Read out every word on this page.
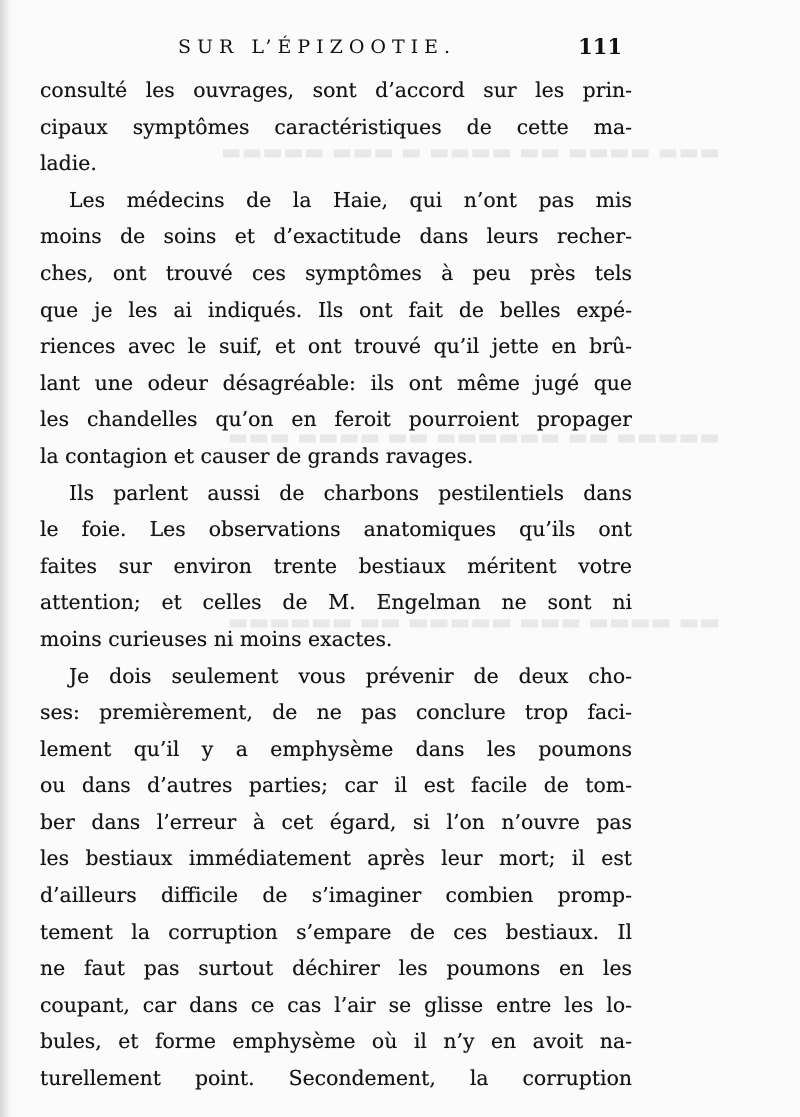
▬▬▬ ▬▬▬▬ ▬▬ ▬▬▬▬ ▬ ▬▬▬ ▬▬▬▬▬
▬▬▬▬▬ ▬▬ ▬▬▬▬▬▬ ▬▬ ▬▬▬▬ ▬▬▬
▬▬ ▬▬▬▬ ▬▬▬ ▬▬▬▬▬ ▬▬ ▬▬▬▬▬▬
SUR L’ÉPIZOOTIE.	111
consulté les ouvrages, sont d’accord sur les prin-
cipaux symptômes caractéristiques de cette ma-
ladie.
Les médecins de la Haie, qui n’ont pas mis
moins de soins et d’exactitude dans leurs recher-
ches, ont trouvé ces symptômes à peu près tels
que je les ai indiqués. Ils ont fait de belles expé-
riences avec le suif, et ont trouvé qu’il jette en brû-
lant une odeur désagréable: ils ont même jugé que
les chandelles qu’on en feroit pourroient propager
la contagion et causer de grands ravages.
Ils parlent aussi de charbons pestilentiels dans
le foie. Les observations anatomiques qu’ils ont
faites sur environ trente bestiaux méritent votre
attention; et celles de M. Engelman ne sont ni
moins curieuses ni moins exactes.
Je dois seulement vous prévenir de deux cho-
ses: premièrement, de ne pas conclure trop faci-
lement qu’il y a emphysème dans les poumons
ou dans d’autres parties; car il est facile de tom-
ber dans l’erreur à cet égard, si l’on n’ouvre pas
les bestiaux immédiatement après leur mort; il est
d’ailleurs difficile de s’imaginer combien promp-
tement la corruption s’empare de ces bestiaux. Il
ne faut pas surtout déchirer les poumons en les
coupant, car dans ce cas l’air se glisse entre les lo-
bules, et forme emphysème où il n’y en avoit na-
turellement point. Secondement, la corruption
